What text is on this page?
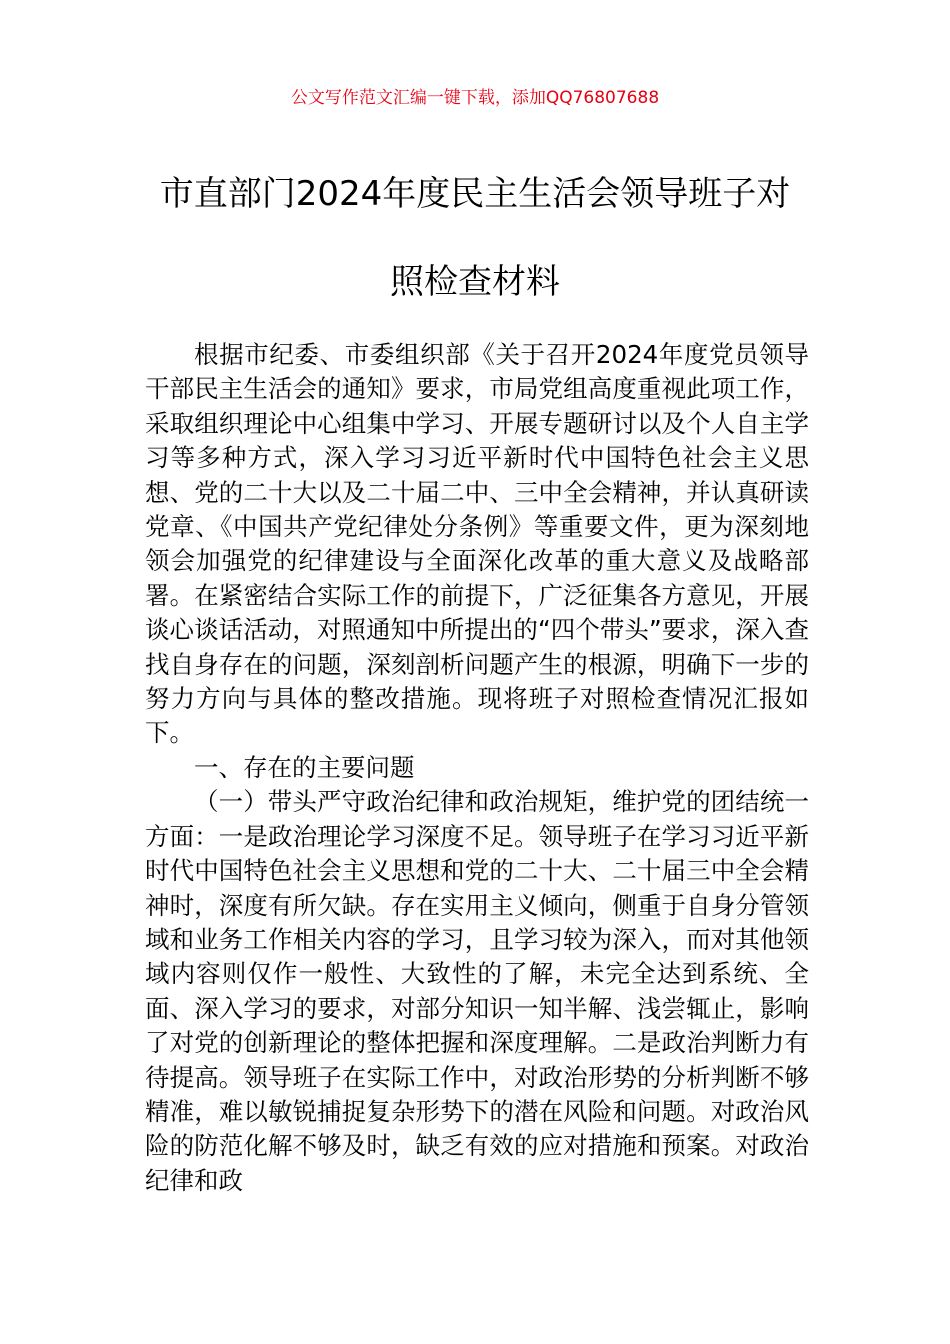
公文写作范文汇编一键下载，添加QQ76807688
市直部门2024年度民主生活会领导班子对
照检查材料

根据市纪委、市委组织部《关于召开2024年度党员领导干部民主生活会的通知》要求，市局党组高度重视此项工作，采取组织理论中心组集中学习、开展专题研讨以及个人自主学习等多种方式，深入学习习近平新时代中国特色社会主义思想、党的二十大以及二十届二中、三中全会精神，并认真研读党章、《中国共产党纪律处分条例》等重要文件，更为深刻地领会加强党的纪律建设与全面深化改革的重大意义及战略部署。在紧密结合实际工作的前提下，广泛征集各方意见，开展谈心谈话活动，对照通知中所提出的“四个带头”要求，深入查找自身存在的问题，深刻剖析问题产生的根源，明确下一步的努力方向与具体的整改措施。现将班子对照检查情况汇报如下。

一、存在的主要问题

（一）带头严守政治纪律和政治规矩，维护党的团结统一方面：一是政治理论学习深度不足。领导班子在学习习近平新时代中国特色社会主义思想和党的二十大、二十届三中全会精神时，深度有所欠缺。存在实用主义倾向，侧重于自身分管领域和业务工作相关内容的学习，且学习较为深入，而对其他领域内容则仅作一般性、大致性的了解，未完全达到系统、全面、深入学习的要求，对部分知识一知半解、浅尝辄止，影响了对党的创新理论的整体把握和深度理解。二是政治判断力有待提高。领导班子在实际工作中，对政治形势的分析判断不够精准，难以敏锐捕捉复杂形势下的潜在风险和问题。对政治风险的防范化解不够及时，缺乏有效的应对措施和预案。对政治纪律和政
